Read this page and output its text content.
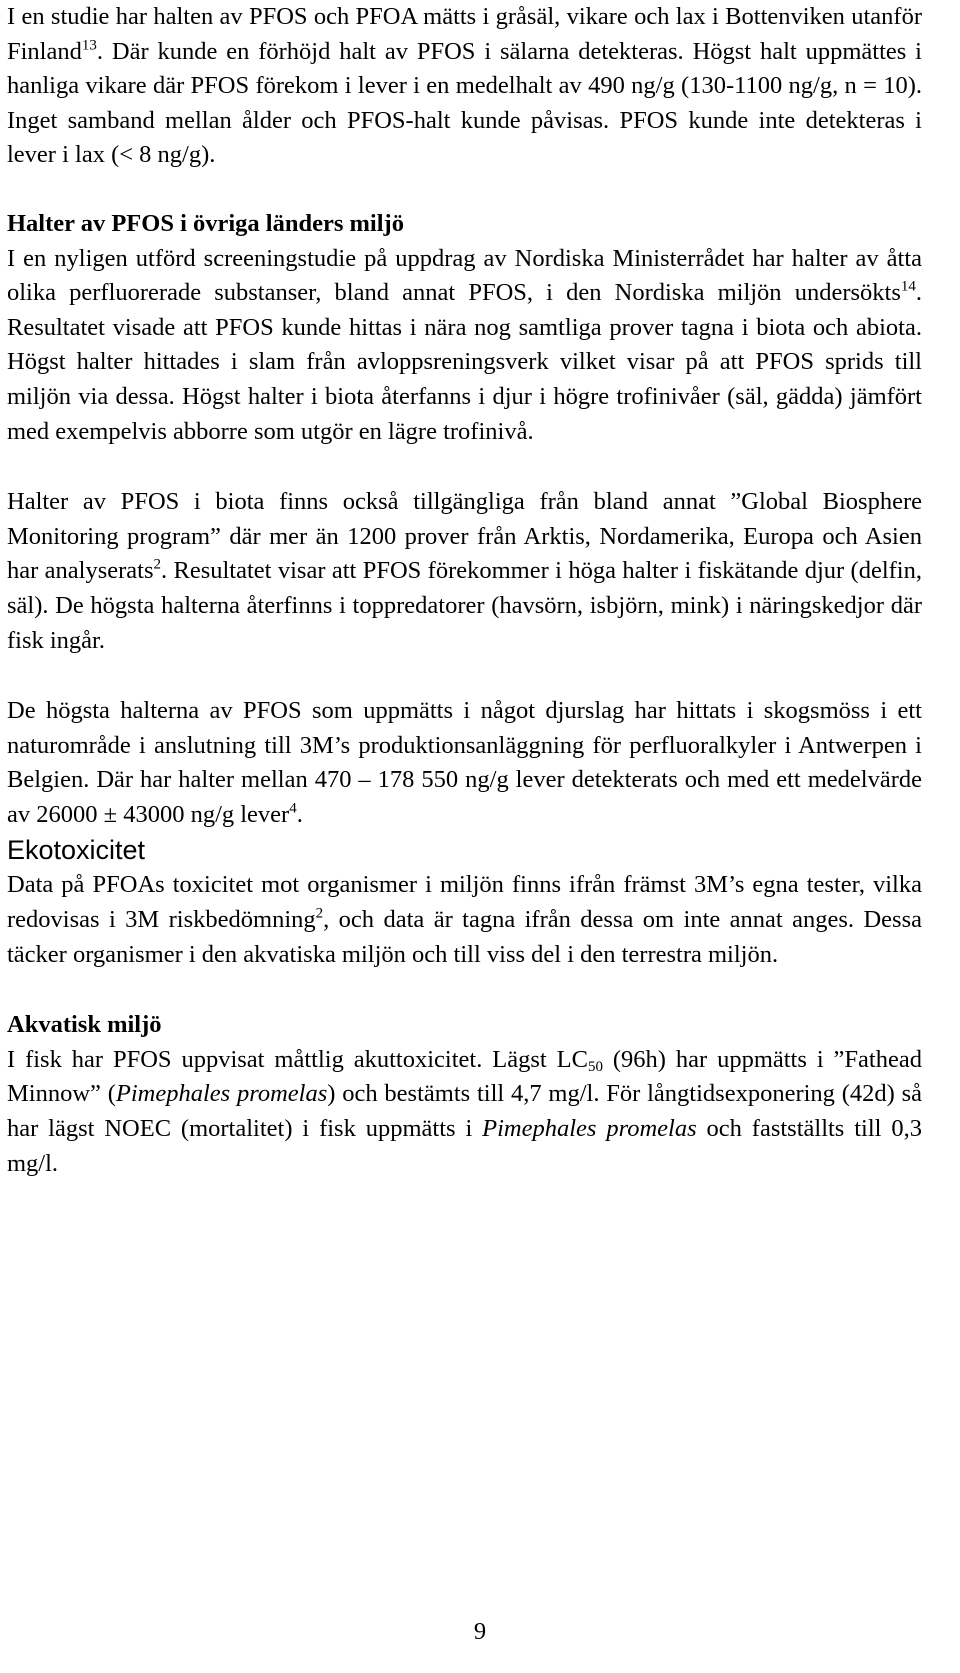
I en studie har halten av PFOS och PFOA mätts i gråsäl, vikare och lax i Bottenviken utanför Finland$^{13}$. Där kunde en förhöjd halt av PFOS i sälarna detekteras. Högst halt uppmättes i hanliga vikare där PFOS förekom i lever i en medelhalt av 490 ng/g (130-1100 ng/g, n = 10). Inget samband mellan ålder och PFOS-halt kunde påvisas. PFOS kunde inte detekteras i lever i lax (< 8 ng/g).

Halter av PFOS i övriga länders miljö
I en nyligen utförd screeningstudie på uppdrag av Nordiska Ministerrådet har halter av åtta olika perfluorerade substanser, bland annat PFOS, i den Nordiska miljön undersökts$^{14}$. Resultatet visade att PFOS kunde hittas i nära nog samtliga prover tagna i biota och abiota. Högst halter hittades i slam från avloppsreningsverk vilket visar på att PFOS sprids till miljön via dessa. Högst halter i biota återfanns i djur i högre trofinivåer (säl, gädda) jämfört med exempelvis abborre som utgör en lägre trofinivå.

Halter av PFOS i biota finns också tillgängliga från bland annat ”Global Biosphere Monitoring program” där mer än 1200 prover från Arktis, Nordamerika, Europa och Asien har analyserats$^2$. Resultatet visar att PFOS förekommer i höga halter i fiskätande djur (delfin, säl). De högsta halterna återfinns i toppredatorer (havsörn, isbjörn, mink) i näringskedjor där fisk ingår.

De högsta halterna av PFOS som uppmätts i något djurslag har hittats i skogsmöss i ett naturområde i anslutning till 3M’s produktionsanläggning för perfluoralkyler i Antwerpen i Belgien. Där har halter mellan 470 – 178 550 ng/g lever detekterats och med ett medelvärde av 26000 ± 43000 ng/g lever$^4$.

Ekotoxicitet

Data på PFOAs toxicitet mot organismer i miljön finns ifrån främst 3M’s egna tester, vilka redovisas i 3M riskbedömning$^2$, och data är tagna ifrån dessa om inte annat anges. Dessa täcker organismer i den akvatiska miljön och till viss del i den terrestra miljön.

Akvatisk miljö
I fisk har PFOS uppvisat måttlig akuttoxicitet. Lägst $LC_{50}$ (96h) har uppmätts i ”Fathead Minnow” (Pimephales promelas) och bestämts till 4,7 mg/l. För långtidsexponering (42d) så har lägst NOEC (mortalitet) i fisk uppmätts i Pimephales promelas och fastställts till 0,3 mg/l.

9
